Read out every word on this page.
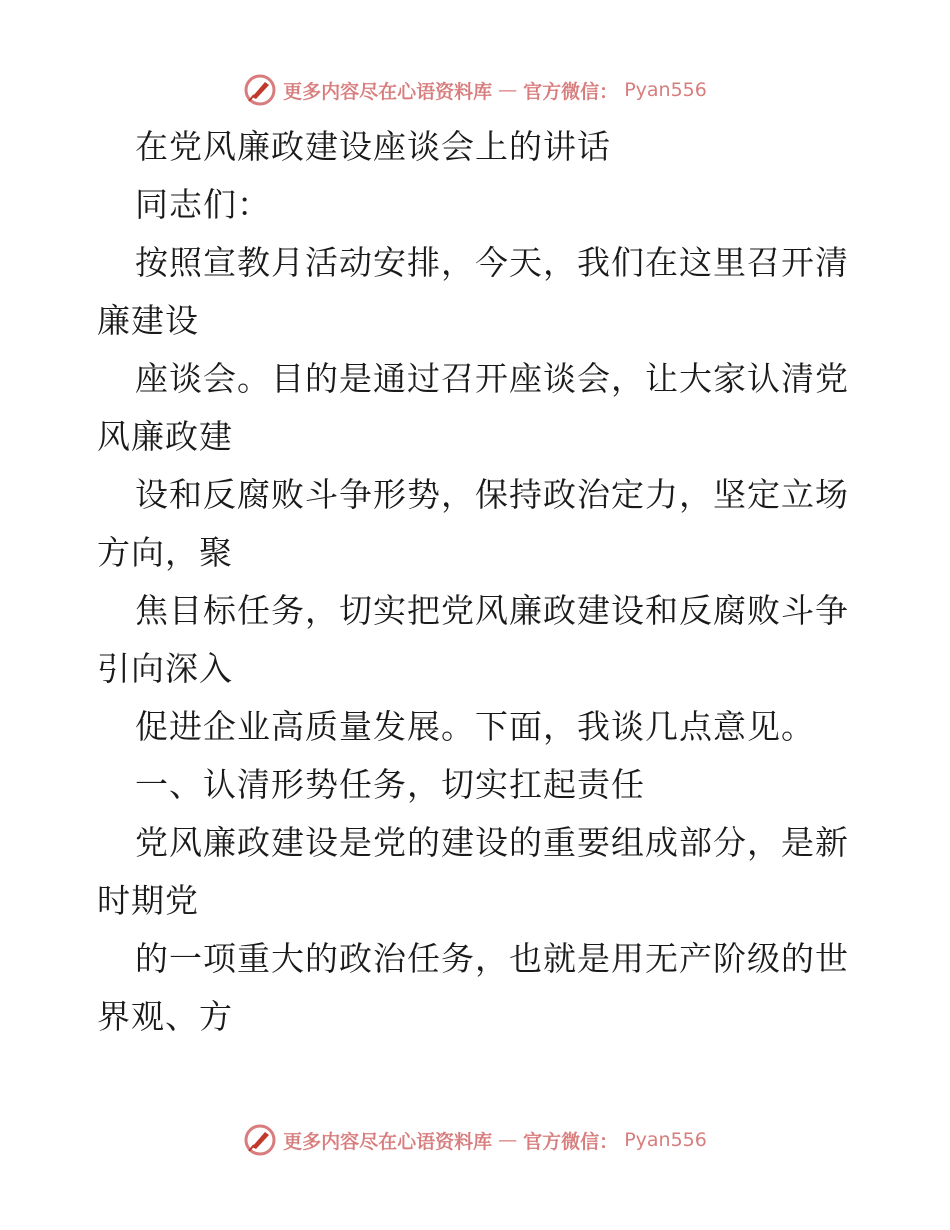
更多内容尽在心语资料库 — 官方微信： Pyan556
在党风廉政建设座谈会上的讲话
同志们：
按照宣教月活动安排，今天，我们在这里召开清
廉建设
座谈会。目的是通过召开座谈会，让大家认清党
风廉政建
设和反腐败斗争形势，保持政治定力，坚定立场
方向，聚
焦目标任务，切实把党风廉政建设和反腐败斗争
引向深入
促进企业高质量发展。下面，我谈几点意见。
一、认清形势任务，切实扛起责任
党风廉政建设是党的建设的重要组成部分，是新
时期党
的一项重大的政治任务，也就是用无产阶级的世
界观、方
更多内容尽在心语资料库 — 官方微信： Pyan556
